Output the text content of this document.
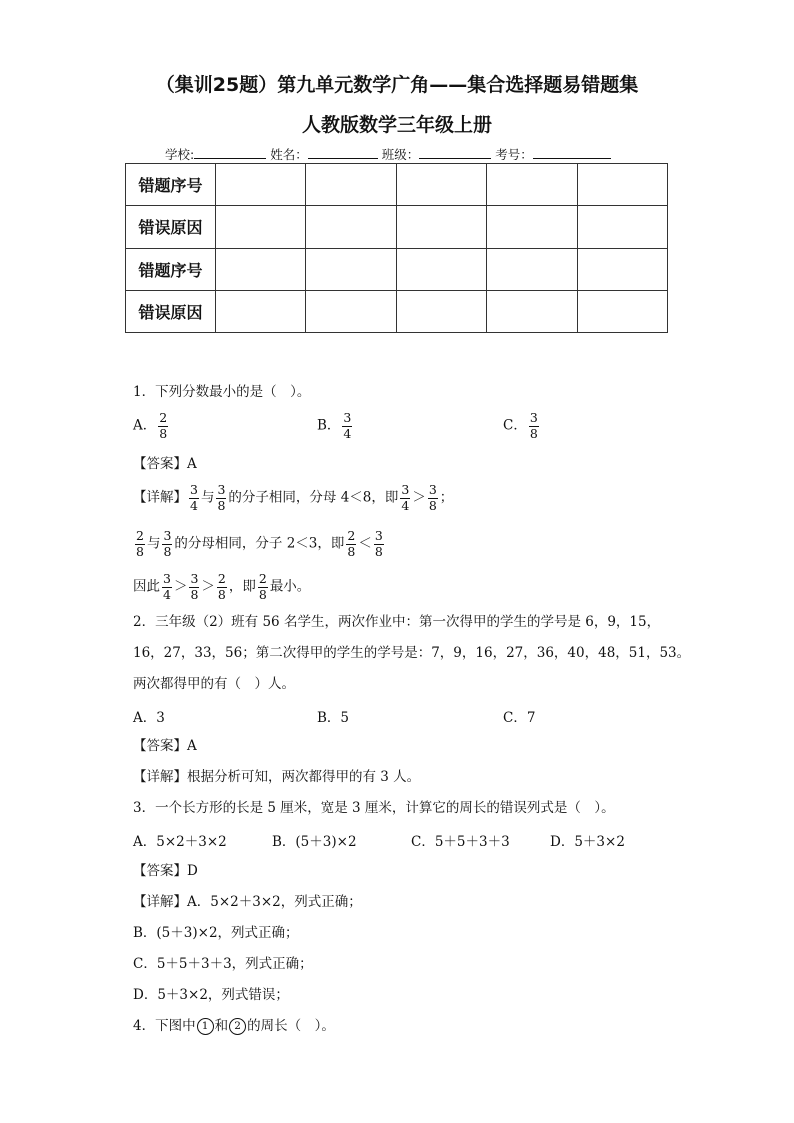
（集训25题）第九单元数学广角——集合选择题易错题集
人教版数学三年级上册
学校:	姓名：	班级：	考号：
错题序号					
错误原因					
错题序号					
错误原因					
1．下列分数最小的是（　）。
A． $\frac{2}{8}$	B． $\frac{3}{4}$	C． $\frac{3}{8}$
【答案】A
【详解】 $\frac{3}{4}$ 与 $\frac{3}{8}$ 的分子相同，分母 4＜8，即 $\frac{3}{4} > \frac{3}{8}$ ；
$\frac{2}{8}$ 与 $\frac{3}{8}$ 的分母相同，分子 2＜3，即 $\frac{2}{8} < \frac{3}{8}$
因此 $\frac{3}{4} > \frac{3}{8} > \frac{2}{8}$ ，即 $\frac{2}{8}$ 最小。
2．三年级（2）班有 56 名学生，两次作业中：第一次得甲的学生的学号是 6，9，15，
16，27，33，56；第二次得甲的学生的学号是：7，9，16，27，36，40，48，51，53。
两次都得甲的有（　）人。
A．3	B．5	C．7
【答案】A
【详解】根据分析可知，两次都得甲的有 3 人。
3．一个长方形的长是 5 厘米，宽是 3 厘米，计算它的周长的错误列式是（　）。
A．5×2＋3×2	B．(5＋3)×2	C．5＋5＋3＋3	D．5＋3×2
【答案】D
【详解】A．5×2＋3×2，列式正确；
B．(5＋3)×2，列式正确；
C．5＋5＋3＋3，列式正确；
D．5＋3×2，列式错误；
4．下图中 1 和 2 的周长（　）。
